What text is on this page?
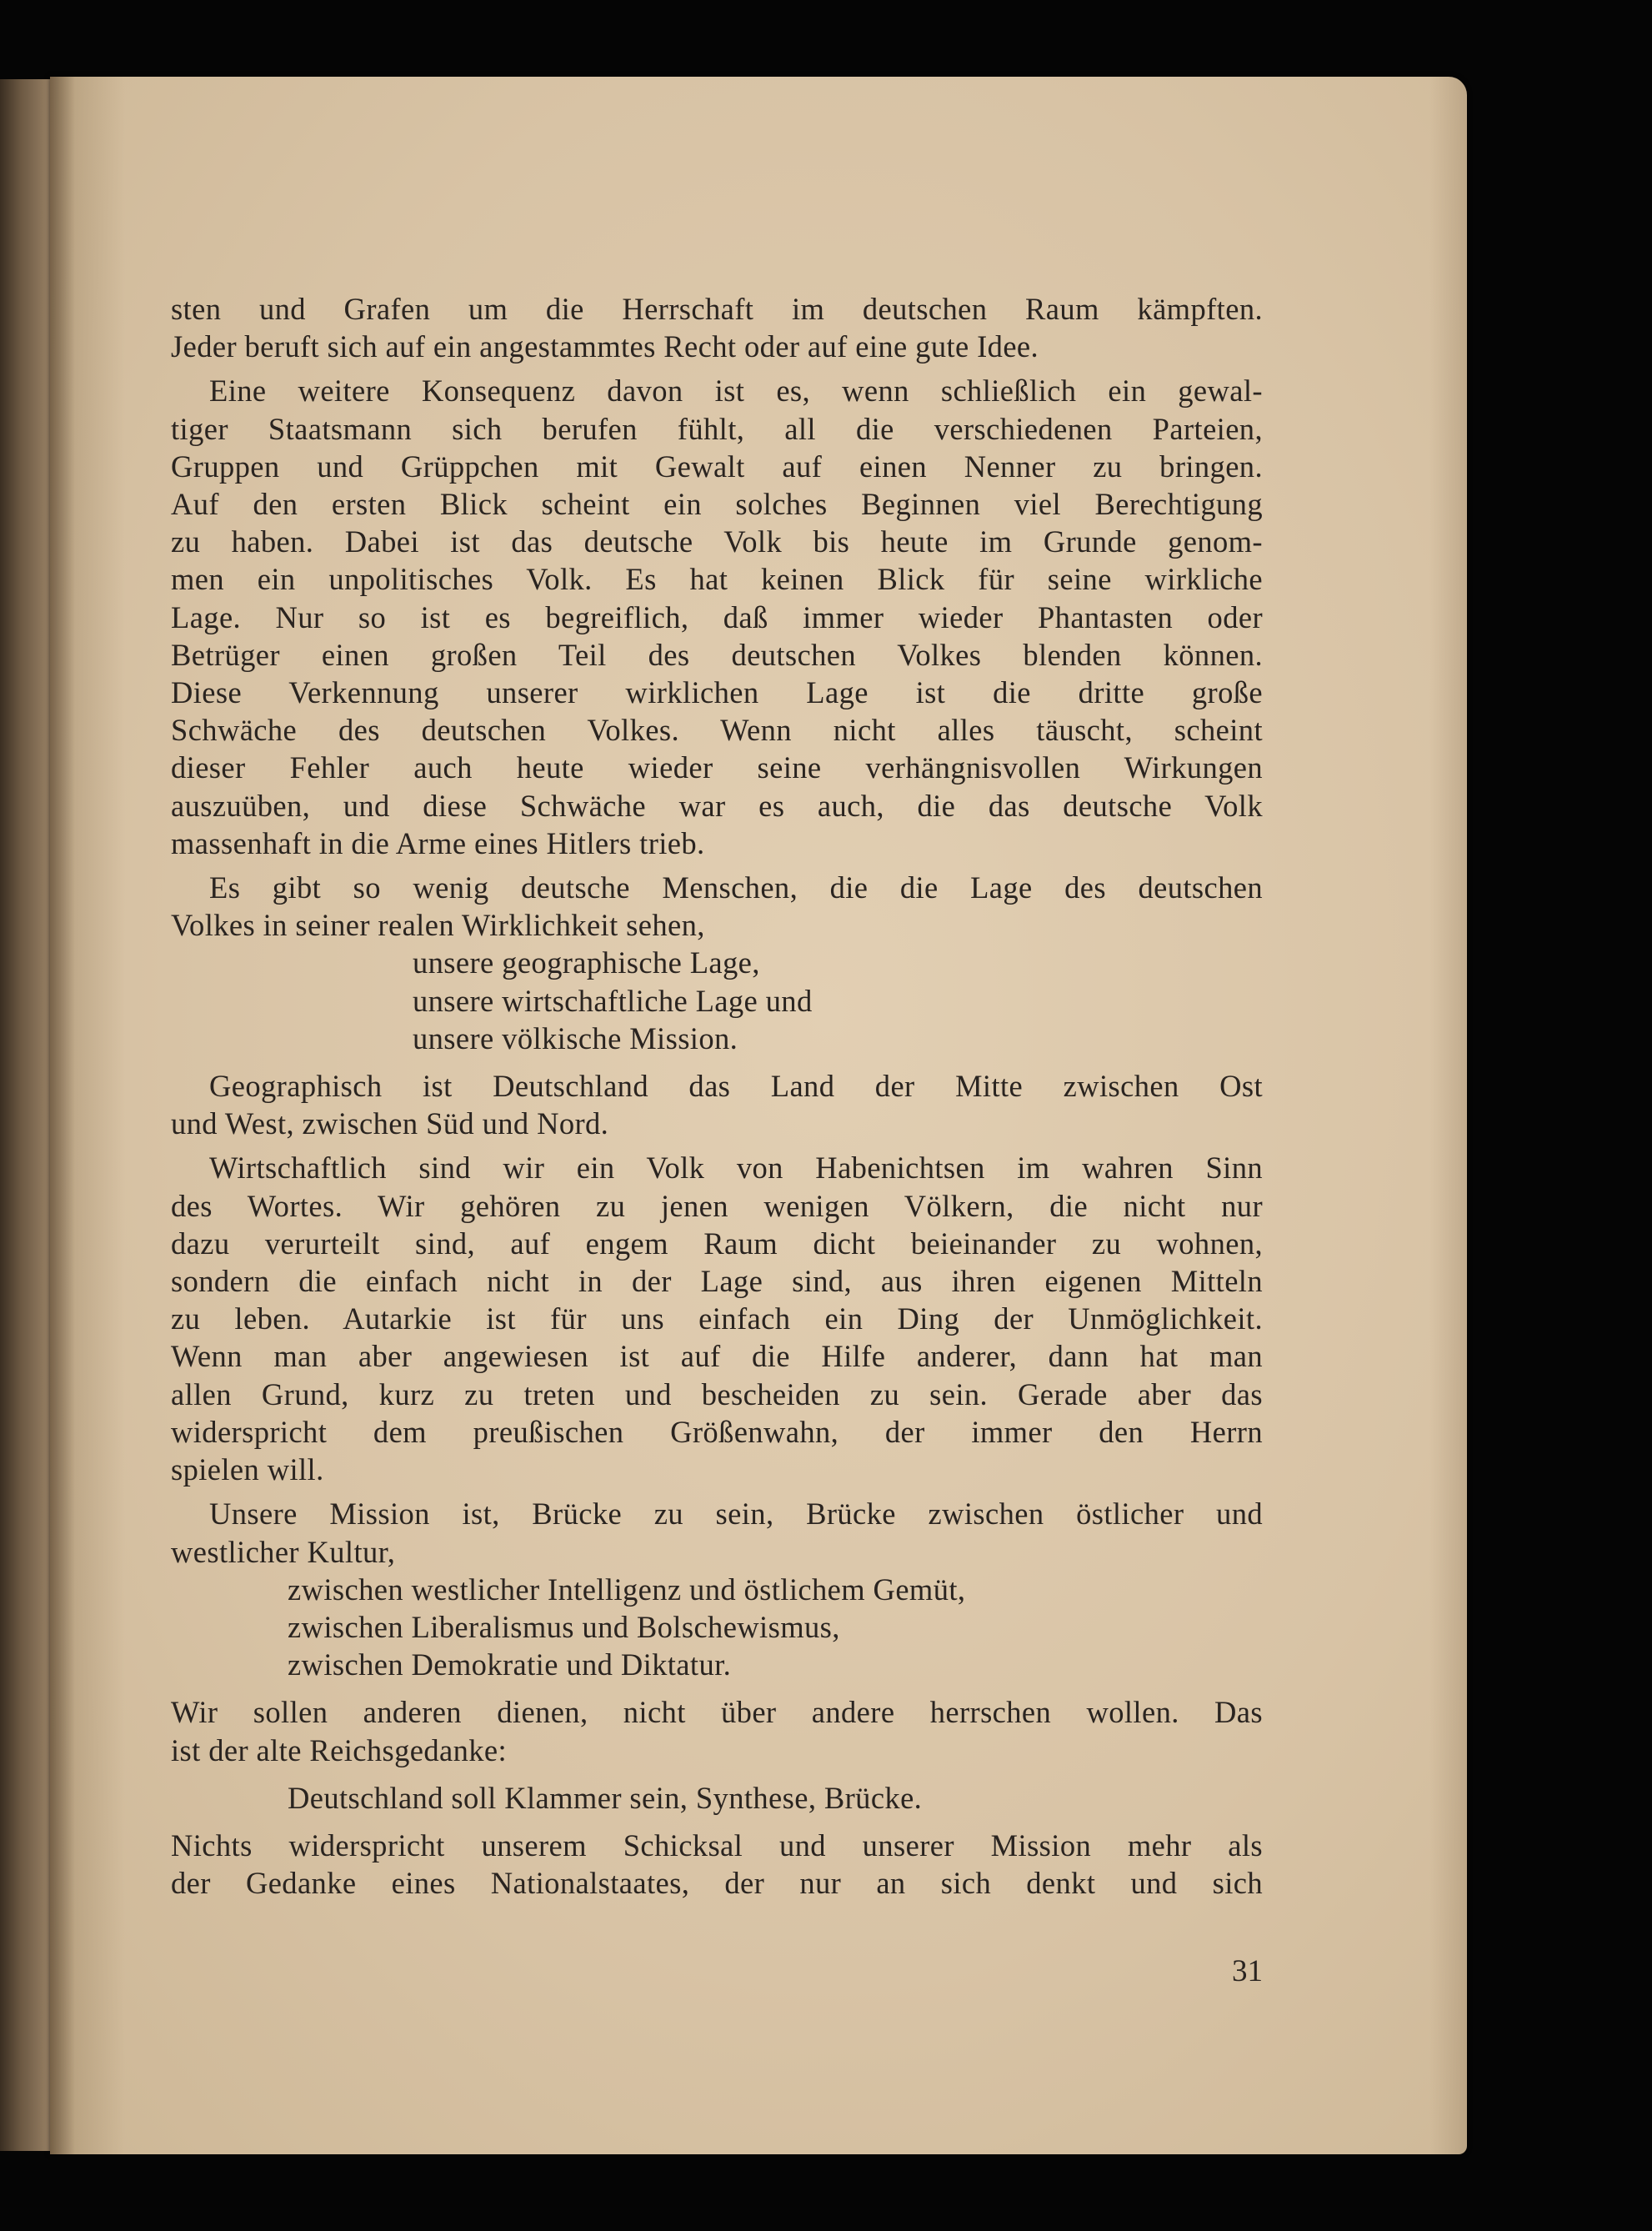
sten und Grafen um die Herrschaft im deutschen Raum kämpften.
Jeder beruft sich auf ein angestammtes Recht oder auf eine gute Idee.
Eine weitere Konsequenz davon ist es, wenn schließlich ein gewal-
tiger Staatsmann sich berufen fühlt, all die verschiedenen Parteien,
Gruppen und Grüppchen mit Gewalt auf einen Nenner zu bringen.
Auf den ersten Blick scheint ein solches Beginnen viel Berechtigung
zu haben. Dabei ist das deutsche Volk bis heute im Grunde genom-
men ein unpolitisches Volk. Es hat keinen Blick für seine wirkliche
Lage. Nur so ist es begreiflich, daß immer wieder Phantasten oder
Betrüger einen großen Teil des deutschen Volkes blenden können.
Diese Verkennung unserer wirklichen Lage ist die dritte große
Schwäche des deutschen Volkes. Wenn nicht alles täuscht, scheint
dieser Fehler auch heute wieder seine verhängnisvollen Wirkungen
auszuüben, und diese Schwäche war es auch, die das deutsche Volk
massenhaft in die Arme eines Hitlers trieb.
Es gibt so wenig deutsche Menschen, die die Lage des deutschen
Volkes in seiner realen Wirklichkeit sehen,
unsere geographische Lage,
unsere wirtschaftliche Lage und
unsere völkische Mission.
Geographisch ist Deutschland das Land der Mitte zwischen Ost
und West, zwischen Süd und Nord.
Wirtschaftlich sind wir ein Volk von Habenichtsen im wahren Sinn
des Wortes. Wir gehören zu jenen wenigen Völkern, die nicht nur
dazu verurteilt sind, auf engem Raum dicht beieinander zu wohnen,
sondern die einfach nicht in der Lage sind, aus ihren eigenen Mitteln
zu leben. Autarkie ist für uns einfach ein Ding der Unmöglichkeit.
Wenn man aber angewiesen ist auf die Hilfe anderer, dann hat man
allen Grund, kurz zu treten und bescheiden zu sein. Gerade aber das
widerspricht dem preußischen Größenwahn, der immer den Herrn
spielen will.
Unsere Mission ist, Brücke zu sein, Brücke zwischen östlicher und
westlicher Kultur,
zwischen westlicher Intelligenz und östlichem Gemüt,
zwischen Liberalismus und Bolschewismus,
zwischen Demokratie und Diktatur.
Wir sollen anderen dienen, nicht über andere herrschen wollen. Das
ist der alte Reichsgedanke:
Deutschland soll Klammer sein, Synthese, Brücke.
Nichts widerspricht unserem Schicksal und unserer Mission mehr als
der Gedanke eines Nationalstaates, der nur an sich denkt und sich
31
